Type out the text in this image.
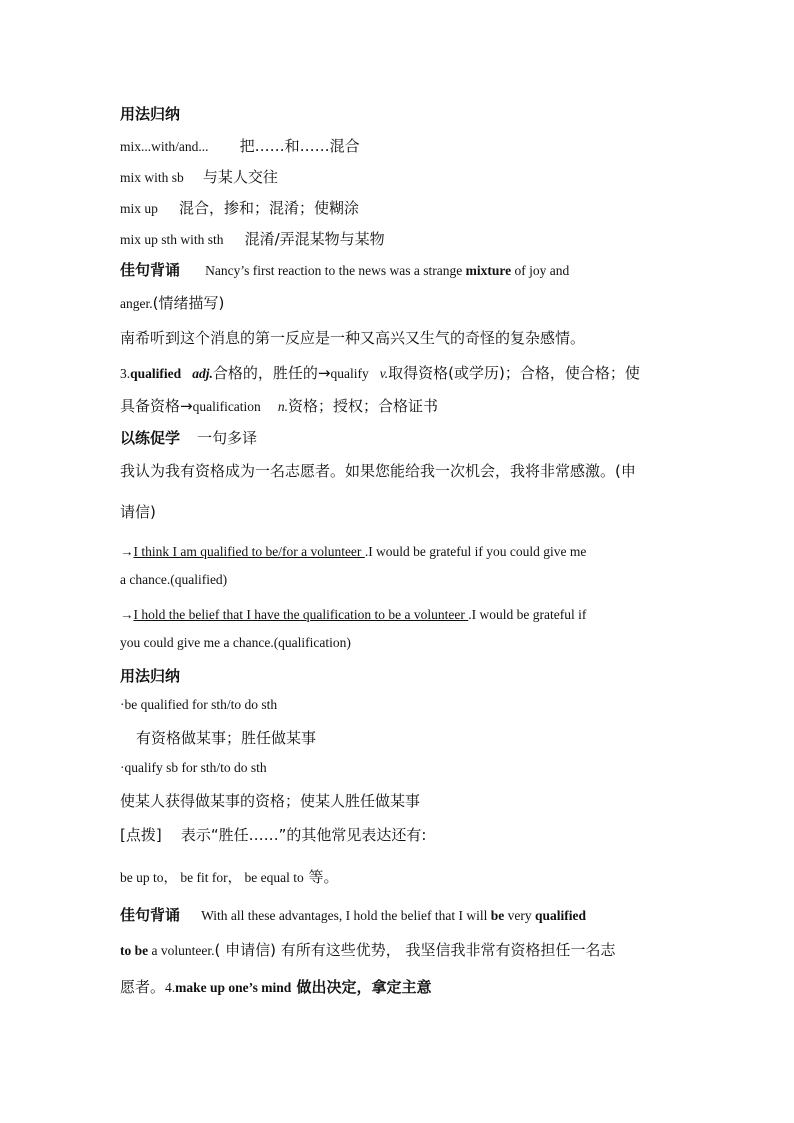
用法归纳
mix...with/and... 把……和……混合
mix with sb 与某人交往
mix up 混合，掺和；混淆；使糊涂
mix up sth with sth 混淆/弄混某物与某物
佳句背诵 Nancy’s first reaction to the news was a strange mixture of joy and
anger.(情绪描写)
南希听到这个消息的第一反应是一种又高兴又生气的奇怪的复杂感情。
3.qualified adj.合格的，胜任的→qualify v.取得资格(或学历)；合格，使合格；使
具备资格→qualification n.资格；授权；合格证书
以练促学 一句多译
我认为我有资格成为一名志愿者。如果您能给我一次机会，我将非常感激。(申
请信)
→I think I am qualified to be/for a volunteer .I would be grateful if you could give me
a chance.(qualified)
→I hold the belief that I have the qualification to be a volunteer .I would be grateful if
you could give me a chance.(qualification)
用法归纳
·be qualified for sth/to do sth
有资格做某事；胜任做某事
·qualify sb for sth/to do sth
使某人获得做某事的资格；使某人胜任做某事
[点拨] 表示“胜任……”的其他常见表达还有:
be up to， be fit for， be equal to 等。
佳句背诵 With all these advantages, I hold the belief that I will be very qualified
to be a volunteer.( 申请信) 有所有这些优势， 我坚信我非常有资格担任一名志
愿者。4.make up one’s mind 做出决定，拿定主意
